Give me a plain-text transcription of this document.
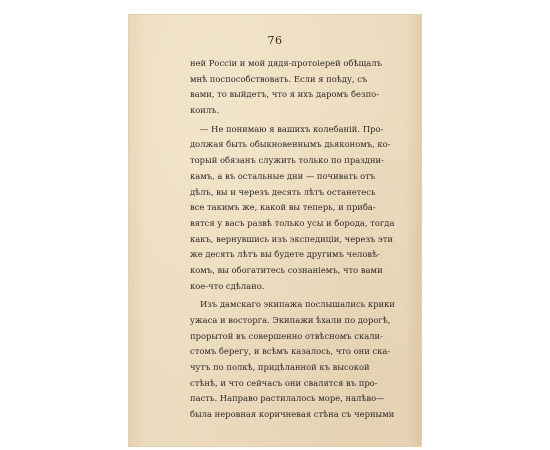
76

ней Россіи и мой дядя-протоіерей обѣщалъ
мнѣ поспособствовать. Если я поѣду, съ
вами, то выйдетъ, что я ихъ даромъ безпо-
коилъ.

— Не понимаю я вашихъ колебаній. Про-
должая быть обыкновеннымъ дьякономъ, ко-
торый обязанъ служить только по праздни-
камъ, а въ остальные дни — почивать отъ
дѣлъ, вы и черезъ десять лѣтъ останетесь
все такимъ же, какой вы теперь, и прибa-
вятся у васъ развѣ только усы и борода, тогда
какъ, вернувшись изъ экспедиціи, черезъ эти
же десять лѣтъ вы будете другимъ человѣ-
комъ, вы обогатитесь сознаніемъ, что вами
кое-что сдѣлано.

Изъ дамскаго экипажа послышались крики
ужаса и восторга. Экипажи ѣхали по дорогѣ,
прорытой въ совершенно отвѣсномъ скали-
стомъ берегу, и всѣмъ казалось, что они ска-
чутъ по полкѣ, придѣланной къ высокой
стѣнѣ, и что сейчасъ они свалятся въ про-
пасть. Направо растилалось море, налѣво—
была неровная коричневая стѣна съ черными
